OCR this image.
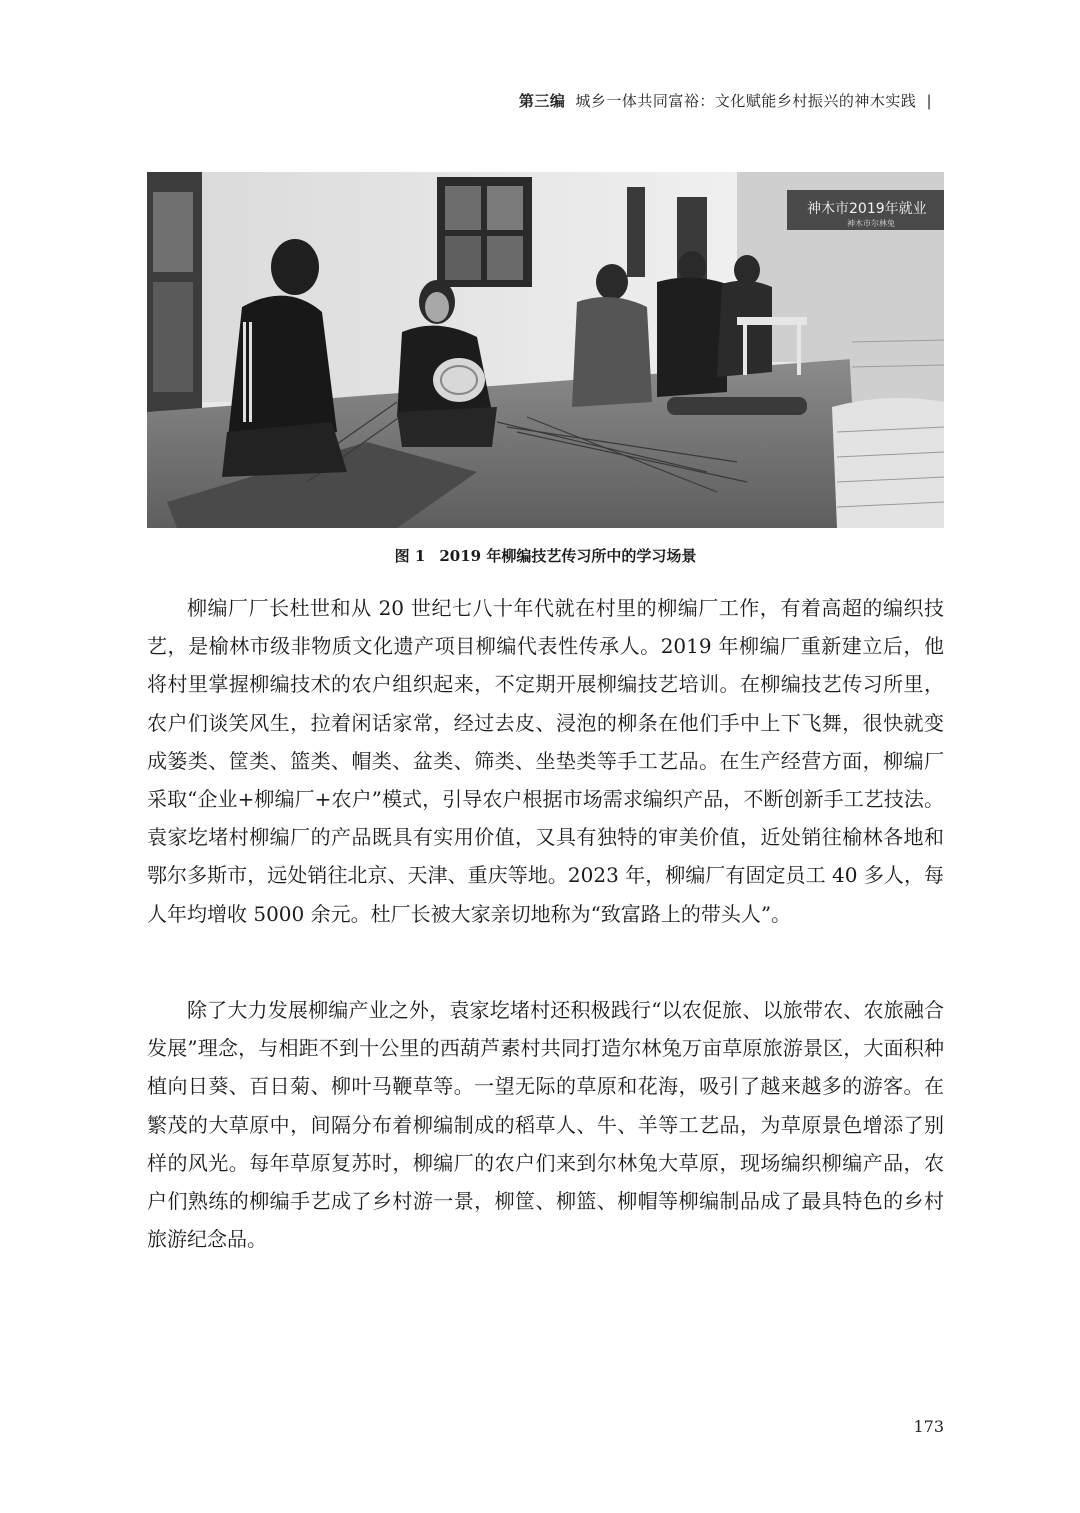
第三编 城乡一体共同富裕：文化赋能乡村振兴的神木实践 |
神木市2019年就业
神木市尔林兔
图 1 2019 年柳编技艺传习所中的学习场景

柳编厂厂长杜世和从 20 世纪七八十年代就在村里的柳编厂工作，有着高超的编织技艺，是榆林市级非物质文化遗产项目柳编代表性传承人。2019 年柳编厂重新建立后，他将村里掌握柳编技术的农户组织起来，不定期开展柳编技艺培训。在柳编技艺传习所里，农户们谈笑风生，拉着闲话家常，经过去皮、浸泡的柳条在他们手中上下飞舞，很快就变成篓类、筐类、篮类、帽类、盆类、筛类、坐垫类等手工艺品。在生产经营方面，柳编厂采取“企业+柳编厂+农户”模式，引导农户根据市场需求编织产品，不断创新手工艺技法。袁家圪堵村柳编厂的产品既具有实用价值，又具有独特的审美价值，近处销往榆林各地和鄂尔多斯市，远处销往北京、天津、重庆等地。2023 年，柳编厂有固定员工 40 多人，每人年均增收 5000 余元。杜厂长被大家亲切地称为“致富路上的带头人”。

除了大力发展柳编产业之外，袁家圪堵村还积极践行“以农促旅、以旅带农、农旅融合发展”理念，与相距不到十公里的西葫芦素村共同打造尔林兔万亩草原旅游景区，大面积种植向日葵、百日菊、柳叶马鞭草等。一望无际的草原和花海，吸引了越来越多的游客。在繁茂的大草原中，间隔分布着柳编制成的稻草人、牛、羊等工艺品，为草原景色增添了别样的风光。每年草原复苏时，柳编厂的农户们来到尔林兔大草原，现场编织柳编产品，农户们熟练的柳编手艺成了乡村游一景，柳筐、柳篮、柳帽等柳编制品成了最具特色的乡村旅游纪念品。

173
